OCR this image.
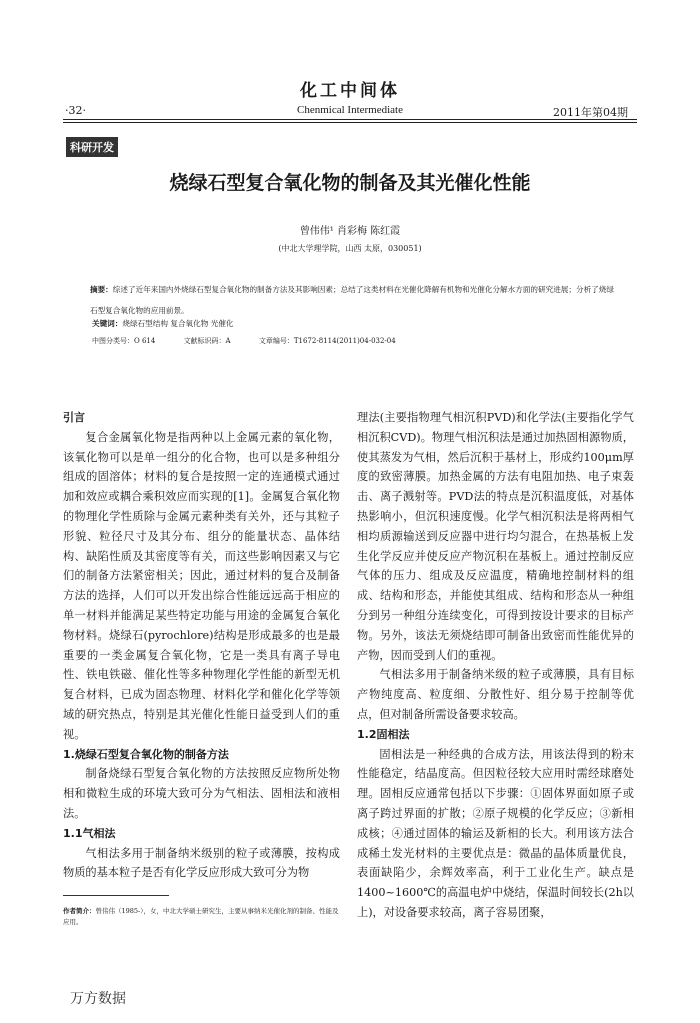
化工中间体
·32·	Chenmical Intermediate	2011年第04期
科研开发
烧绿石型复合氧化物的制备及其光催化性能
曾伟伟¹ 肖彩梅 陈红霞
(中北大学理学院，山西 太原，030051)
摘要：综述了近年来国内外烧绿石型复合氧化物的制备方法及其影响因素；总结了这类材料在光催化降解有机物和光催化分解水方面的研究进展；分析了烧绿石型复合氧化物的应用前景。
关键词：烧绿石型结构 复合氧化物 光催化
中图分类号：O 614	文献标识码：A	文章编号：T1672-8114(2011)04-032-04

引言

复合金属氧化物是指两种以上金属元素的氧化物，该氧化物可以是单一组分的化合物，也可以是多种组分组成的固溶体；材料的复合是按照一定的连通模式通过加和效应或耦合乘积效应而实现的[1]。金属复合氧化物的物理化学性质除与金属元素种类有关外，还与其粒子形貌、粒径尺寸及其分布、组分的能量状态、晶体结构、缺陷性质及其密度等有关，而这些影响因素又与它们的制备方法紧密相关；因此，通过材料的复合及制备方法的选择，人们可以开发出综合性能远远高于相应的单一材料并能满足某些特定功能与用途的金属复合氧化物材料。烧绿石(pyrochlore)结构是形成最多的也是最重要的一类金属复合氧化物，它是一类具有离子导电性、铁电铁磁、催化性等多种物理化学性能的新型无机复合材料，已成为固态物理、材料化学和催化化学等领域的研究热点，特别是其光催化性能日益受到人们的重视。

1.烧绿石型复合氧化物的制备方法

制备烧绿石型复合氧化物的方法按照反应物所处物相和微粒生成的环境大致可分为气相法、固相法和液相法。

1.1气相法

气相法多用于制备纳米级别的粒子或薄膜，按构成物质的基本粒子是否有化学反应形成大致可分为物

理法(主要指物理气相沉积PVD)和化学法(主要指化学气相沉积CVD)。物理气相沉积法是通过加热固相源物质，使其蒸发为气相，然后沉积于基材上，形成约100μm厚度的致密薄膜。加热金属的方法有电阻加热、电子束轰击、离子溅射等。PVD法的特点是沉积温度低，对基体热影响小，但沉积速度慢。化学气相沉积法是将两相气相均质源输送到反应器中进行均匀混合，在热基板上发生化学反应并使反应产物沉积在基板上。通过控制反应气体的压力、组成及反应温度，精确地控制材料的组成、结构和形态，并能使其组成、结构和形态从一种组分到另一种组分连续变化，可得到按设计要求的目标产物。另外，该法无须烧结即可制备出致密而性能优异的产物，因而受到人们的重视。

气相法多用于制备纳米级的粒子或薄膜，具有目标产物纯度高、粒度细、分散性好、组分易于控制等优点，但对制备所需设备要求较高。

1.2固相法

固相法是一种经典的合成方法，用该法得到的粉末性能稳定，结晶度高。但因粒径较大应用时需经球磨处理。固相反应通常包括以下步骤：①固体界面如原子或离子跨过界面的扩散；②原子规模的化学反应；③新相成核；④通过固体的输运及新相的长大。利用该方法合成稀土发光材料的主要优点是：微晶的晶体质量优良，表面缺陷少，余辉效率高，利于工业化生产。缺点是1400~1600℃的高温电炉中烧结，保温时间较长(2h以上)，对设备要求较高，离子容易团聚，

作者简介：曾伟伟（1985-），女，中北大学硕士研究生，主要从事纳米光催化剂的制备、性能及应用。
万方数据
